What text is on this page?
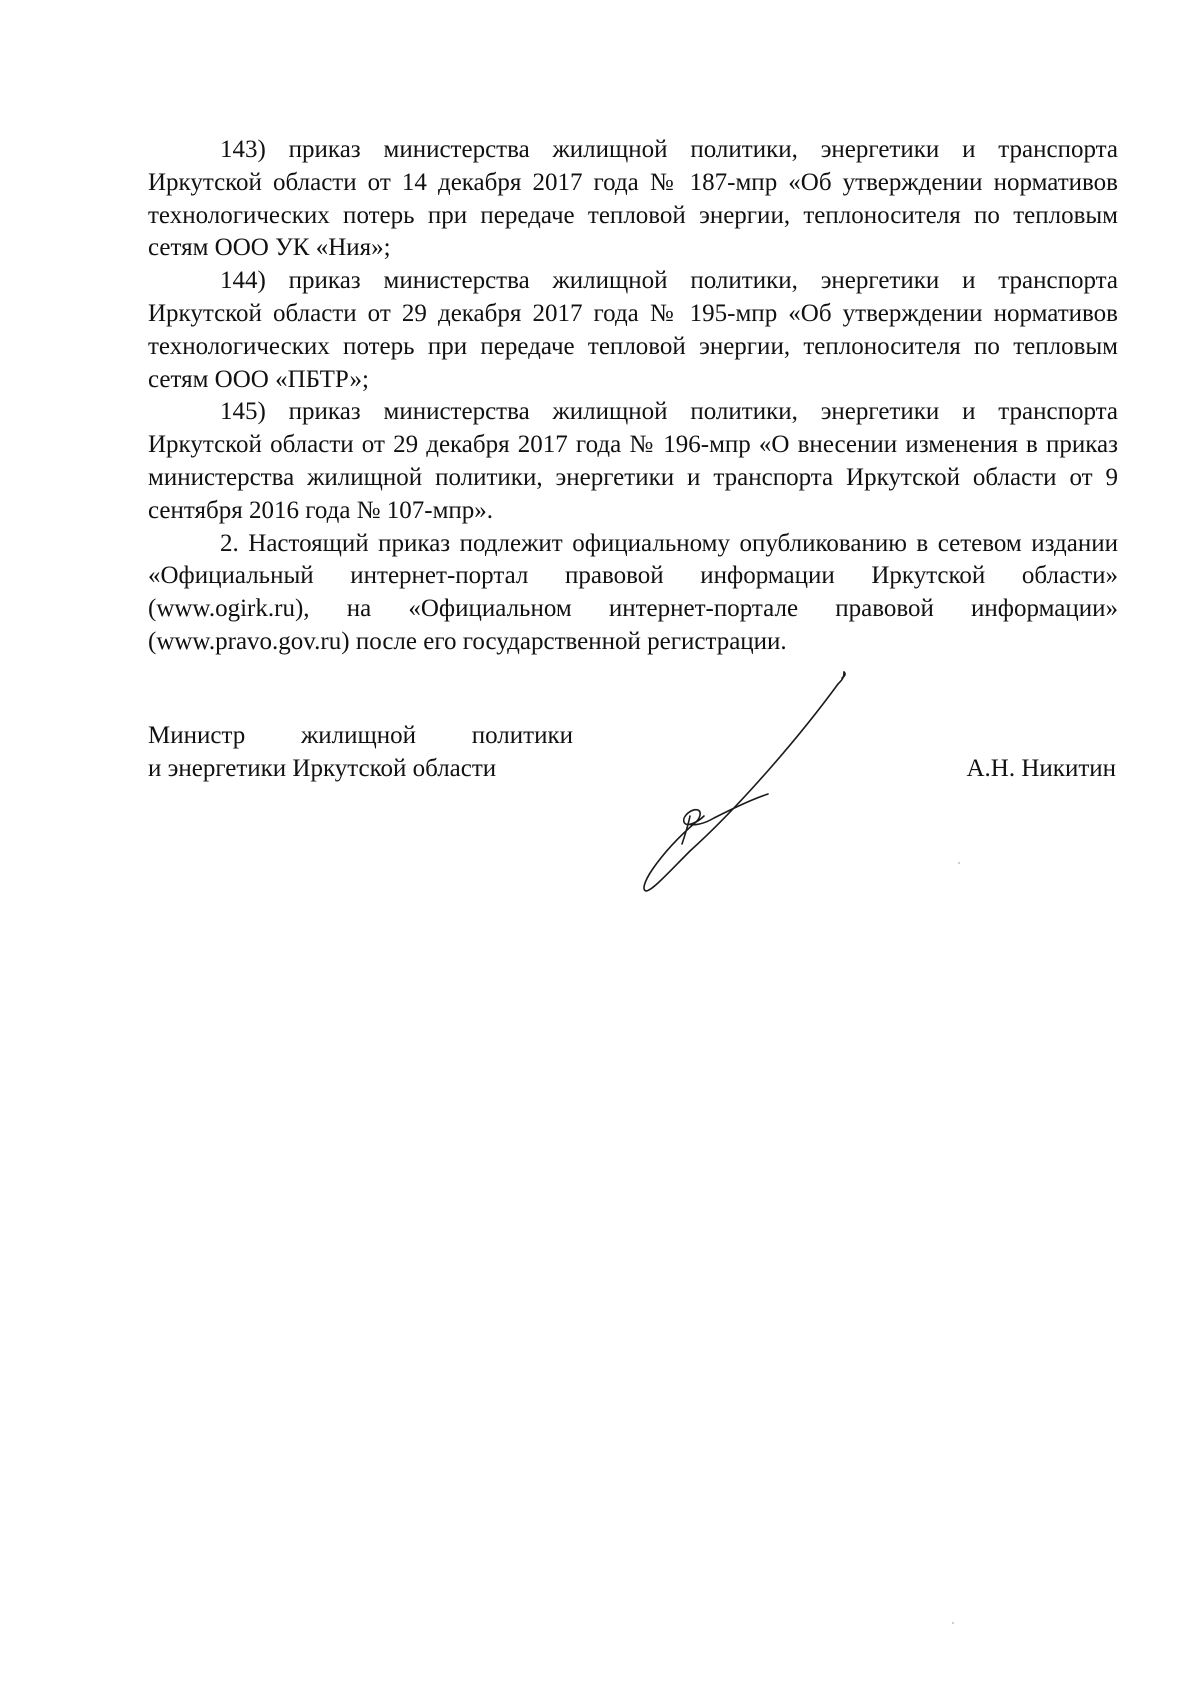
143) приказ министерства жилищной политики, энергетики и транспорта Иркутской области от 14 декабря 2017 года № 187-мпр «Об утверждении нормативов технологических потерь при передаче тепловой энергии, теплоносителя по тепловым сетям ООО УК «Ния»;

144) приказ министерства жилищной политики, энергетики и транспорта Иркутской области от 29 декабря 2017 года № 195-мпр «Об утверждении нормативов технологических потерь при передаче тепловой энергии, теплоносителя по тепловым сетям ООО «ПБТР»;

145) приказ министерства жилищной политики, энергетики и транспорта Иркутской области от 29 декабря 2017 года № 196-мпр «О внесении изменения в приказ министерства жилищной политики, энергетики и транспорта Иркутской области от 9 сентября 2016 года № 107-мпр».

2. Настоящий приказ подлежит официальному опубликованию в сетевом издании «Официальный интернет-портал правовой информации Иркутской области» (www.ogirk.ru), на «Официальном интернет-портале правовой информации» (www.pravo.gov.ru) после его государственной регистрации.

Министр жилищной политики
и энергетики Иркутской области	А.Н. Никитин
